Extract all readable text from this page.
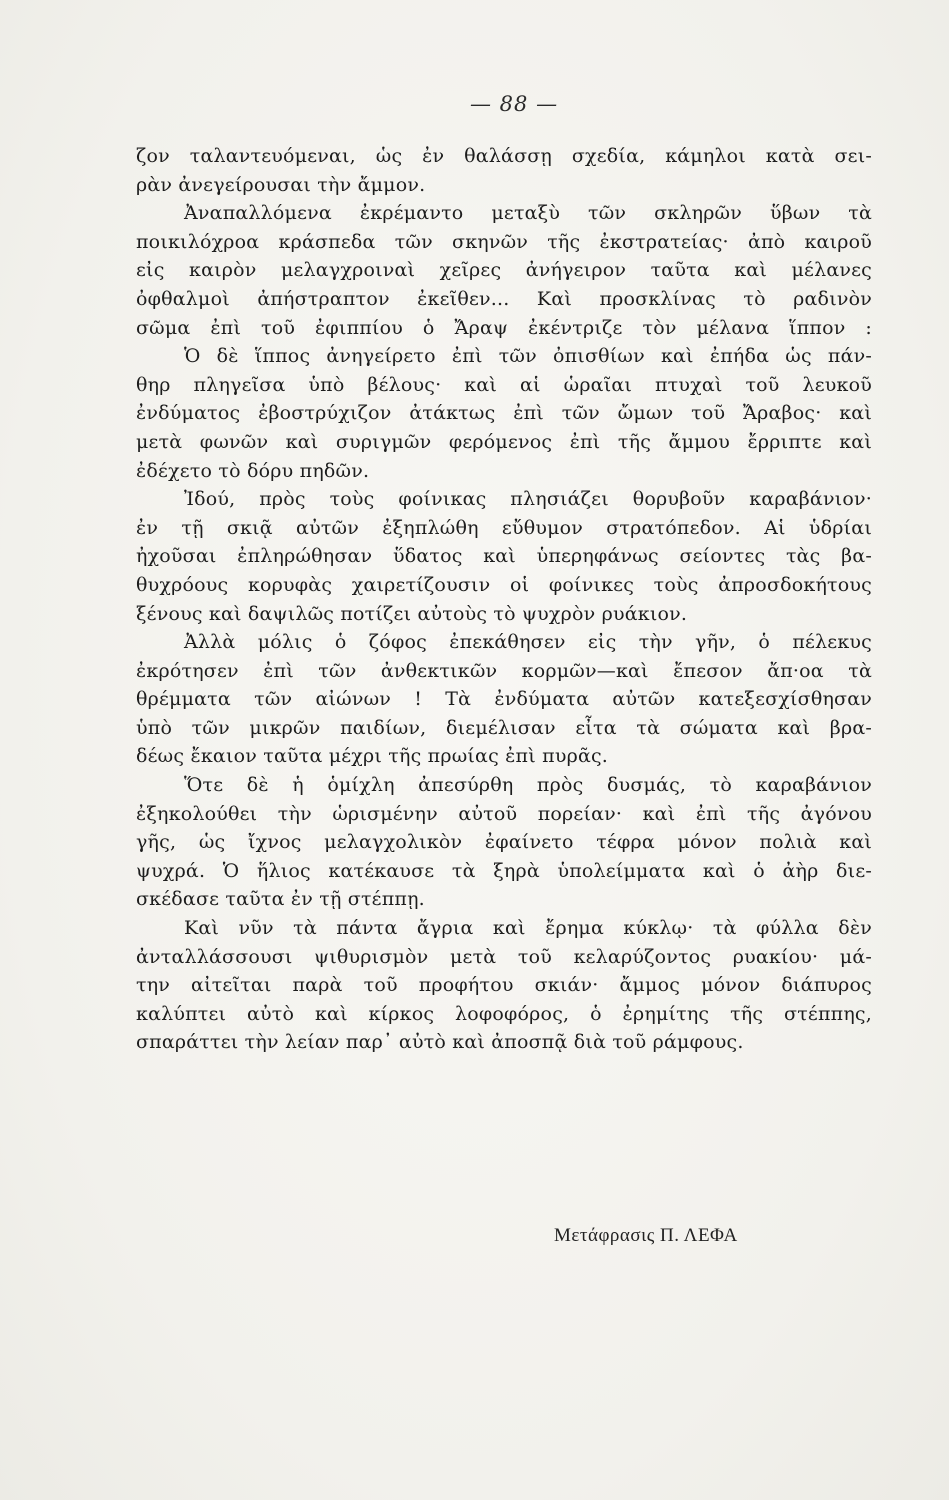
— 88 —
ζον ταλαντευόμεναι, ὡς ἐν θαλάσσῃ σχεδία, κάμηλοι κατὰ σει-
ρὰν ἀνεγείρουσαι τὴν ἄμμον.
Ἀναπαλλόμενα ἐκρέμαντο μεταξὺ τῶν σκληρῶν ὕβων τὰ
ποικιλόχροα κράσπεδα τῶν σκηνῶν τῆς ἐκστρατείας· ἀπὸ καιροῦ
εἰς καιρὸν μελαγχροιναὶ χεῖρες ἀνήγειρον ταῦτα καὶ μέλανες
ὀφθαλμοὶ ἀπήστραπτον ἐκεῖθεν... Καὶ προσκλίνας τὸ ραδινὸν
σῶμα ἐπὶ τοῦ ἐφιππίου ὁ Ἄραψ ἐκέντριζε τὸν μέλανα ἵππον :
Ὁ δὲ ἵππος ἀνηγείρετο ἐπὶ τῶν ὀπισθίων καὶ ἐπήδα ὡς πάν-
θηρ πληγεῖσα ὑπὸ βέλους· καὶ αἱ ὡραῖαι πτυχαὶ τοῦ λευκοῦ
ἐνδύματος ἐβοστρύχιζον ἀτάκτως ἐπὶ τῶν ὤμων τοῦ Ἄραβος· καὶ
μετὰ φωνῶν καὶ συριγμῶν φερόμενος ἐπὶ τῆς ἄμμου ἔρριπτε καὶ
ἐδέχετο τὸ δόρυ πηδῶν.
Ἰδού, πρὸς τοὺς φοίνικας πλησιάζει θορυβοῦν καραβάνιον·
ἐν τῇ σκιᾷ αὐτῶν ἐξηπλώθη εὔθυμον στρατόπεδον. Αἱ ὑδρίαι
ἠχοῦσαι ἐπληρώθησαν ὕδατος καὶ ὑπερηφάνως σείοντες τὰς βα-
θυχρόους κορυφὰς χαιρετίζουσιν οἱ φοίνικες τοὺς ἀπροσδοκήτους
ξένους καὶ δαψιλῶς ποτίζει αὐτοὺς τὸ ψυχρὸν ρυάκιον.
Ἀλλὰ μόλις ὁ ζόφος ἐπεκάθησεν εἰς τὴν γῆν, ὁ πέλεκυς
ἐκρότησεν ἐπὶ τῶν ἀνθεκτικῶν κορμῶν—καὶ ἔπεσον ἄπ·οα τὰ
θρέμματα τῶν αἰώνων ! Τὰ ἐνδύματα αὐτῶν κατεξεσχίσθησαν
ὑπὸ τῶν μικρῶν παιδίων, διεμέλισαν εἶτα τὰ σώματα καὶ βρα-
δέως ἔκαιον ταῦτα μέχρι τῆς πρωίας ἐπὶ πυρᾶς.
Ὅτε δὲ ἡ ὁμίχλη ἀπεσύρθη πρὸς δυσμάς, τὸ καραβάνιον
ἐξηκολούθει τὴν ὡρισμένην αὐτοῦ πορείαν· καὶ ἐπὶ τῆς ἀγόνου
γῆς, ὡς ἴχνος μελαγχολικὸν ἐφαίνετο τέφρα μόνον πολιὰ καὶ
ψυχρά. Ὁ ἥλιος κατέκαυσε τὰ ξηρὰ ὑπολείμματα καὶ ὁ ἀὴρ διε-
σκέδασε ταῦτα ἐν τῇ στέππῃ.
Καὶ νῦν τὰ πάντα ἄγρια καὶ ἔρημα κύκλῳ· τὰ φύλλα δὲν
ἀνταλλάσσουσι ψιθυρισμὸν μετὰ τοῦ κελαρύζοντος ρυακίου· μά-
την αἰτεῖται παρὰ τοῦ προφήτου σκιάν· ἄμμος μόνον διάπυρος
καλύπτει αὐτὸ καὶ κίρκος λοφοφόρος, ὁ ἐρημίτης τῆς στέππης,
σπαράττει τὴν λείαν παρ᾽ αὐτὸ καὶ ἀποσπᾷ διὰ τοῦ ράμφους.
Μετάφρασις Π. ΛΕΦΑ
